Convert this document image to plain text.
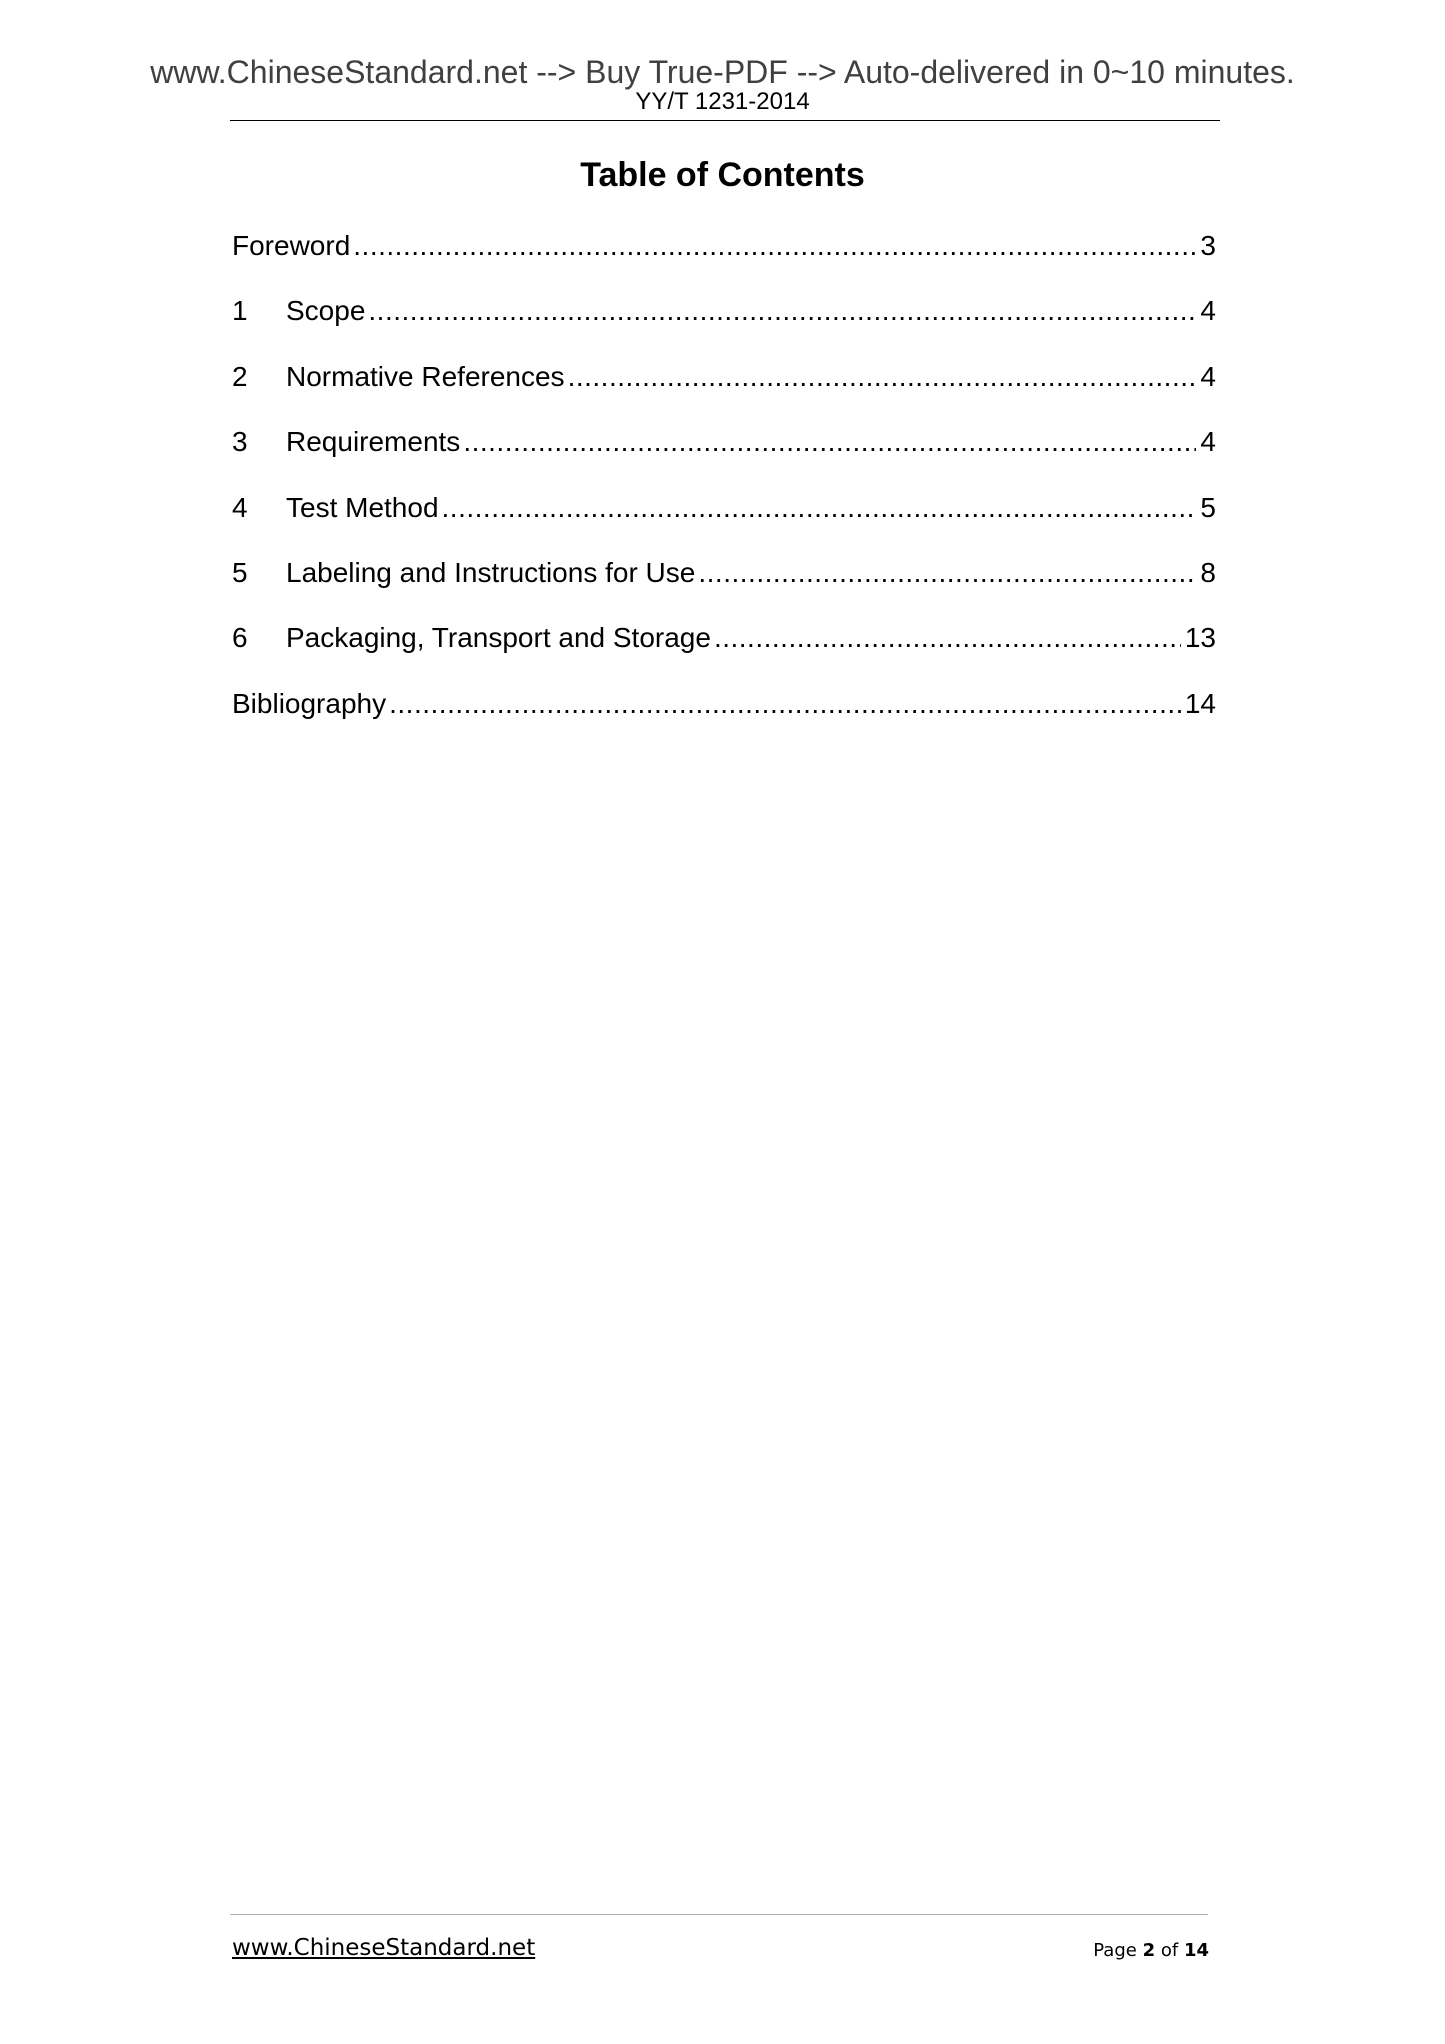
www.ChineseStandard.net --> Buy True-PDF --> Auto-delivered in 0~10 minutes.
YY/T 1231-2014
Table of Contents
Foreword .....	3
1	Scope .....	4
2	Normative References .....	4
3	Requirements .....	4
4	Test Method .....	5
5	Labeling and Instructions for Use .....	8
6	Packaging, Transport and Storage .....	13
Bibliography .....	14
www.ChineseStandard.net	Page 2 of 14
